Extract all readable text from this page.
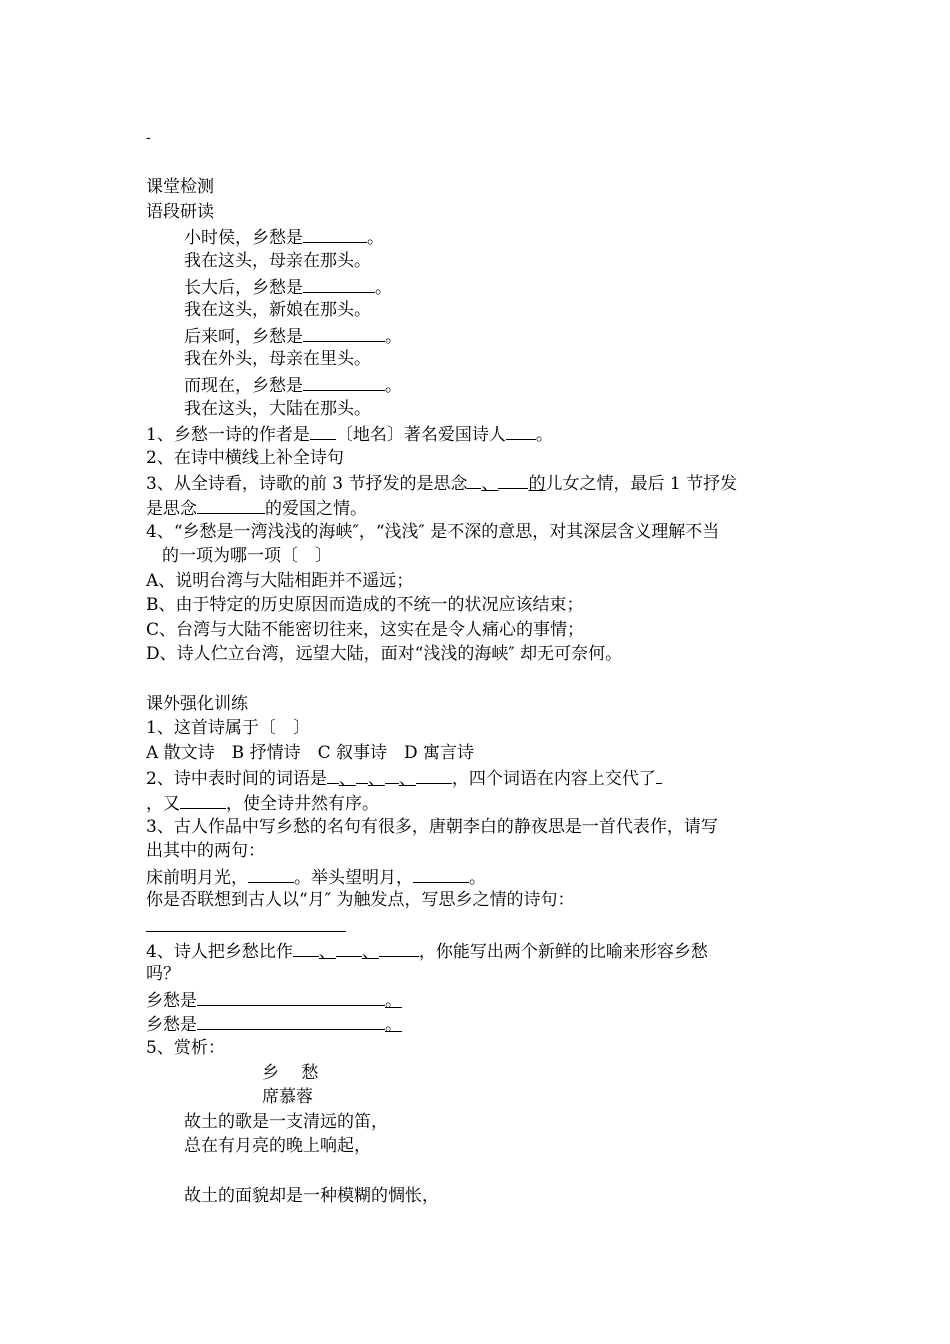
-
课堂检测
语段研读
小时侯，乡愁是	。
我在这头，母亲在那头。
长大后，乡愁是	。
我在这头，新娘在那头。
后来呵，乡愁是	。
我在外头，母亲在里头。
而现在，乡愁是	。
我在这头，大陆在那头。
1、乡愁一诗的作者是 〔地名〕著名爱国诗人 。
2、在诗中横线上补全诗句
3、从全诗看，诗歌的前 3 节抒发的是思念 、 的儿女之情，最后 1 节抒发
是思念	的爱国之情。
4、“乡愁是一湾浅浅的海峡″，“浅浅″ 是不深的意思，对其深层含义理解不当
的一项为哪一项〔　〕
A、说明台湾与大陆相距并不遥远；
B、由于特定的历史原因而造成的不统一的状况应该结束；
C、台湾与大陆不能密切往来，这实在是令人痛心的事情；
D、诗人伫立台湾，远望大陆，面对“浅浅的海峡″ 却无可奈何。
课外强化训练
1、这首诗属于〔　〕
A 散文诗　B 抒情诗　C 叙事诗　D 寓言诗
2、诗中表时间的词语是 、 、 、 ，四个词语在内容上交代了
，又	，使全诗井然有序。
3、古人作品中写乡愁的名句有很多，唐朝李白的静夜思是一首代表作，请写
出其中的两句：
床前明月光，	。举头望明月，	。
你是否联想到古人以“月″ 为触发点，写思乡之情的诗句：
4、诗人把乡愁比作 、 、 ，你能写出两个新鲜的比喻来形容乡愁
吗？
乡愁是	。
乡愁是	。
5、赏析：
乡　 愁
席慕蓉
故土的歌是一支清远的笛，
总在有月亮的晚上响起，
故土的面貌却是一种模糊的惆怅，
